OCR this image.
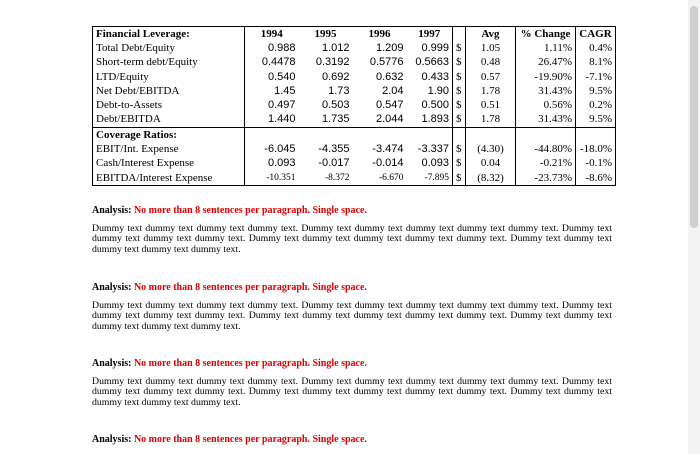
Financial Leverage:	1994	1995	1996	1997		Avg	% Change	CAGR
Total Debt/Equity	0.988	1.012	1.209	0.999	$	1.05	1.11%	0.4%
Short-term debt/Equity	0.4478	0.3192	0.5776	0.5663	$	0.48	26.47%	8.1%
LTD/Equity	0.540	0.692	0.632	0.433	$	0.57	-19.90%	-7.1%
Net Debt/EBITDA	1.45	1.73	2.04	1.90	$	1.78	31.43%	9.5%
Debt-to-Assets	0.497	0.503	0.547	0.500	$	0.51	0.56%	0.2%
Debt/EBITDA	1.440	1.735	2.044	1.893	$	1.78	31.43%	9.5%
Coverage Ratios:								
EBIT/Int. Expense	-6.045	-4.355	-3.474	-3.337	$	(4.30)	-44.80%	-18.0%
Cash/Interest Expense	0.093	-0.017	-0.014	0.093	$	0.04	-0.21%	-0.1%
EBITDA/Interest Expense	-10.351	-8.372	-6.670	-7.895	$	(8.32)	-23.73%	-8.6%
Analysis: No more than 8 sentences per paragraph. Single space.
Dummy text dummy text dummy text dummy text. Dummy text dummy text dummy text dummy text dummy text. Dummy text dummy text dummy text dummy text. Dummy text dummy text dummy text dummy text dummy text. Dummy text dummy text dummy text dummy text dummy text.
Analysis: No more than 8 sentences per paragraph. Single space.
Dummy text dummy text dummy text dummy text. Dummy text dummy text dummy text dummy text dummy text. Dummy text dummy text dummy text dummy text. Dummy text dummy text dummy text dummy text dummy text. Dummy text dummy text dummy text dummy text dummy text.
Analysis: No more than 8 sentences per paragraph. Single space.
Dummy text dummy text dummy text dummy text. Dummy text dummy text dummy text dummy text dummy text. Dummy text dummy text dummy text dummy text. Dummy text dummy text dummy text dummy text dummy text. Dummy text dummy text dummy text dummy text dummy text.
Analysis: No more than 8 sentences per paragraph. Single space.
